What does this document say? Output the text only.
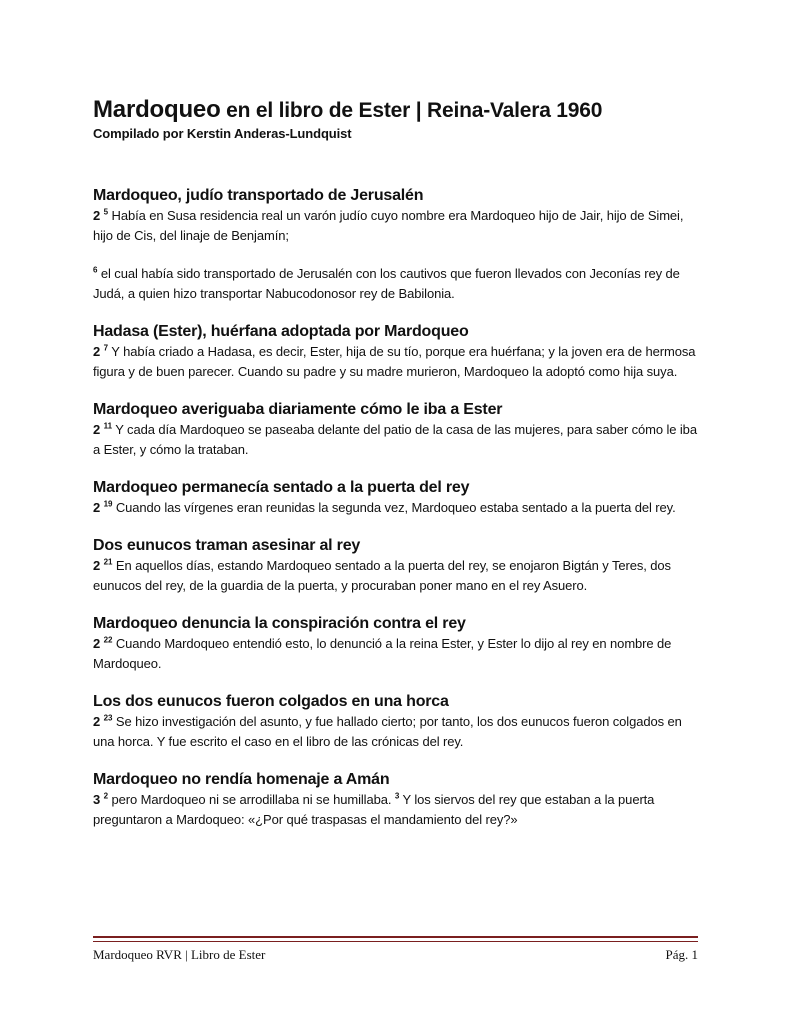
Mardoqueo en el libro de Ester | Reina-Valera 1960
Compilado por Kerstin Anderas-Lundquist
Mardoqueo, judío transportado de Jerusalén
2 $^5$ Había en Susa residencia real un varón judío cuyo nombre era Mardoqueo hijo de Jair, hijo de Simei, hijo de Cis, del linaje de Benjamín;
$^6$ el cual había sido transportado de Jerusalén con los cautivos que fueron llevados con Jeconías rey de Judá, a quien hizo transportar Nabucodonosor rey de Babilonia.
Hadasa (Ester), huérfana adoptada por Mardoqueo
2 $^7$ Y había criado a Hadasa, es decir, Ester, hija de su tío, porque era huérfana; y la joven era de hermosa figura y de buen parecer. Cuando su padre y su madre murieron, Mardoqueo la adoptó como hija suya.
Mardoqueo averiguaba diariamente cómo le iba a Ester
2 $^{11}$ Y cada día Mardoqueo se paseaba delante del patio de la casa de las mujeres, para saber cómo le iba a Ester, y cómo la trataban.
Mardoqueo permanecía sentado a la puerta del rey
2 $^{19}$ Cuando las vírgenes eran reunidas la segunda vez, Mardoqueo estaba sentado a la puerta del rey.
Dos eunucos traman asesinar al rey
2 $^{21}$ En aquellos días, estando Mardoqueo sentado a la puerta del rey, se enojaron Bigtán y Teres, dos eunucos del rey, de la guardia de la puerta, y procuraban poner mano en el rey Asuero.
Mardoqueo denuncia la conspiración contra el rey
2 $^{22}$ Cuando Mardoqueo entendió esto, lo denunció a la reina Ester, y Ester lo dijo al rey en nombre de Mardoqueo.
Los dos eunucos fueron colgados en una horca
2 $^{23}$ Se hizo investigación del asunto, y fue hallado cierto; por tanto, los dos eunucos fueron colgados en una horca. Y fue escrito el caso en el libro de las crónicas del rey.
Mardoqueo no rendía homenaje a Amán
3 $^2$ pero Mardoqueo ni se arrodillaba ni se humillaba. $^3$ Y los siervos del rey que estaban a la puerta preguntaron a Mardoqueo: «¿Por qué traspasas el mandamiento del rey?»
Mardoqueo RVR | Libro de Ester	Pág. 1
